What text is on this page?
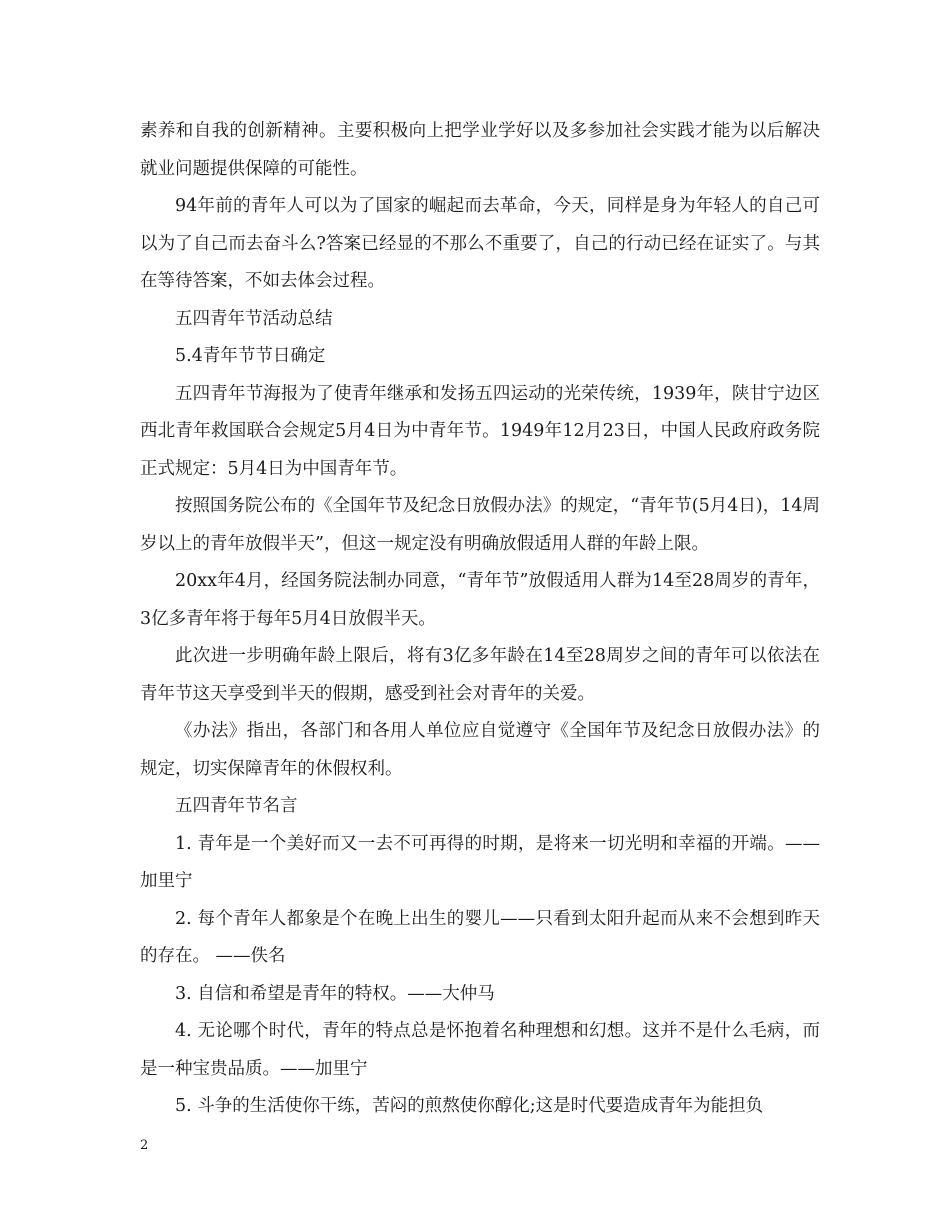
素养和自我的创新精神。主要积极向上把学业学好以及多参加社会实践才能为以后解决就业问题提供保障的可能性。

94年前的青年人可以为了国家的崛起而去革命，今天，同样是身为年轻人的自己可以为了自己而去奋斗么?答案已经显的不那么不重要了，自己的行动已经在证实了。与其在等待答案，不如去体会过程。

五四青年节活动总结

5.4青年节节日确定

五四青年节海报为了使青年继承和发扬五四运动的光荣传统，1939年，陕甘宁边区西北青年救国联合会规定5月4日为中青年节。1949年12月23日，中国人民政府政务院正式规定：5月4日为中国青年节。

按照国务院公布的《全国年节及纪念日放假办法》的规定，“青年节(5月4日)，14周岁以上的青年放假半天”，但这一规定没有明确放假适用人群的年龄上限。

20xx年4月，经国务院法制办同意，“青年节”放假适用人群为14至28周岁的青年，3亿多青年将于每年5月4日放假半天。

此次进一步明确年龄上限后，将有3亿多年龄在14至28周岁之间的青年可以依法在青年节这天享受到半天的假期，感受到社会对青年的关爱。

《办法》指出，各部门和各用人单位应自觉遵守《全国年节及纪念日放假办法》的规定，切实保障青年的休假权利。

五四青年节名言

1. 青年是一个美好而又一去不可再得的时期，是将来一切光明和幸福的开端。——加里宁

2. 每个青年人都象是个在晚上出生的婴儿——只看到太阳升起而从来不会想到昨天的存在。 ——佚名

3. 自信和希望是青年的特权。——大仲马

4. 无论哪个时代，青年的特点总是怀抱着名种理想和幻想。这并不是什么毛病，而是一种宝贵品质。——加里宁

5. 斗争的生活使你干练，苦闷的煎熬使你醇化;这是时代要造成青年为能担负

2
